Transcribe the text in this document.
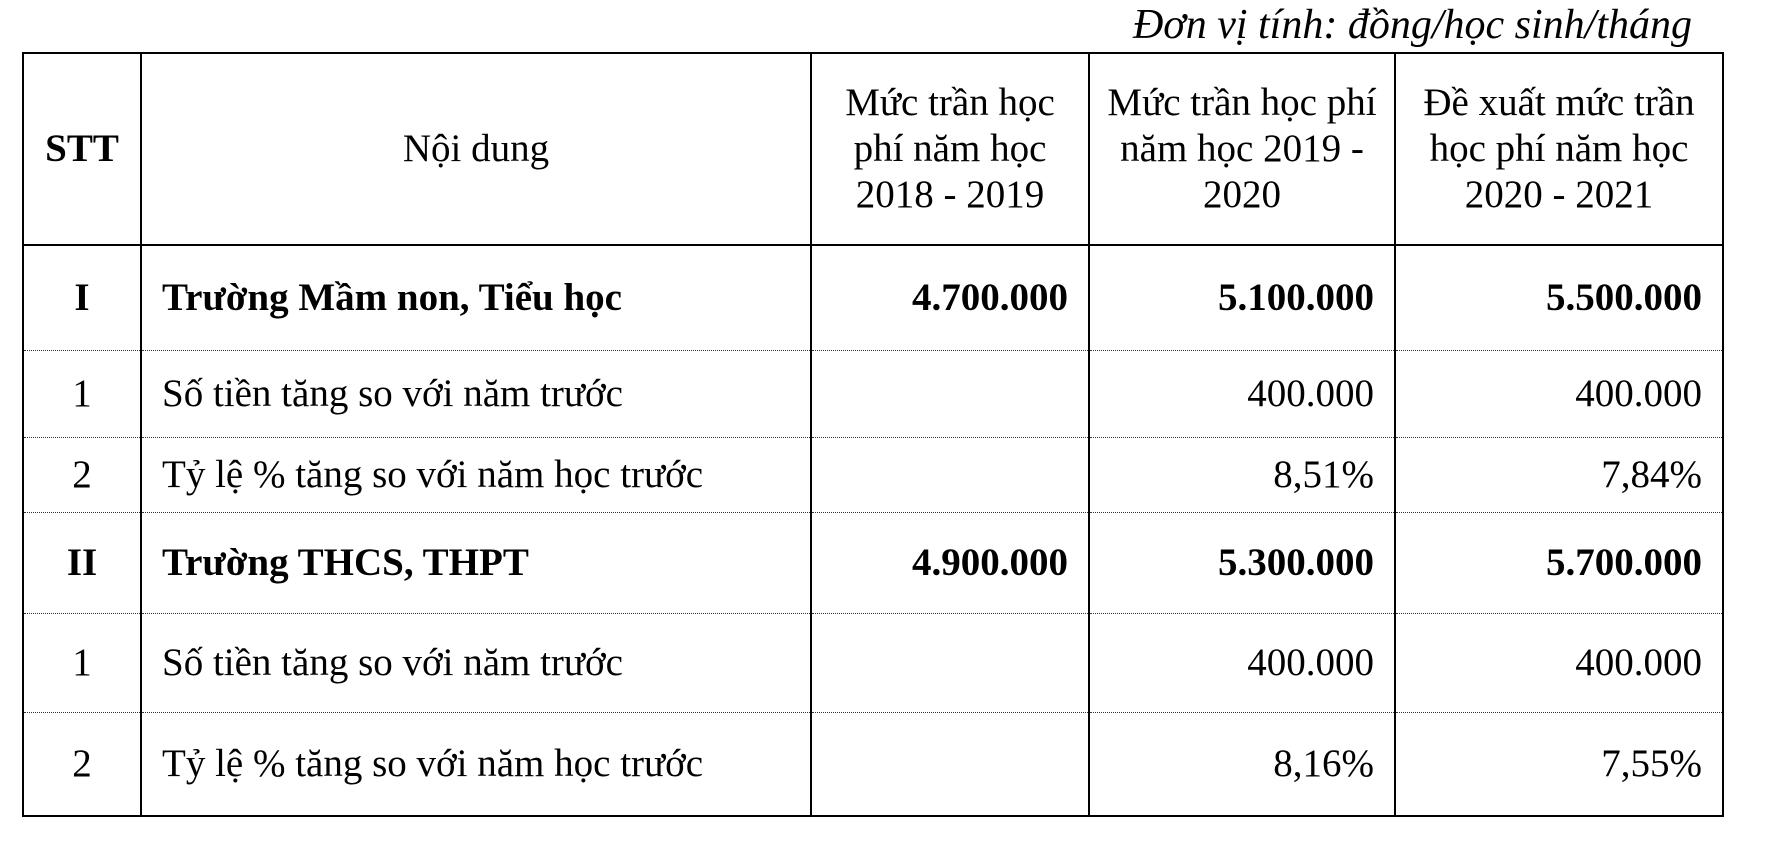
Đơn vị tính: đồng/học sinh/tháng
STT	Nội dung	Mức trần học phí năm học 2018 - 2019	Mức trần học phí năm học 2019 - 2020	Đề xuất mức trần học phí năm học 2020 - 2021
I	Trường Mầm non, Tiểu học	4.700.000	5.100.000	5.500.000
1	Số tiền tăng so với năm trước		400.000	400.000
2	Tỷ lệ % tăng so với năm học trước		8,51%	7,84%
II	Trường THCS, THPT	4.900.000	5.300.000	5.700.000
1	Số tiền tăng so với năm trước		400.000	400.000
2	Tỷ lệ % tăng so với năm học trước		8,16%	7,55%
